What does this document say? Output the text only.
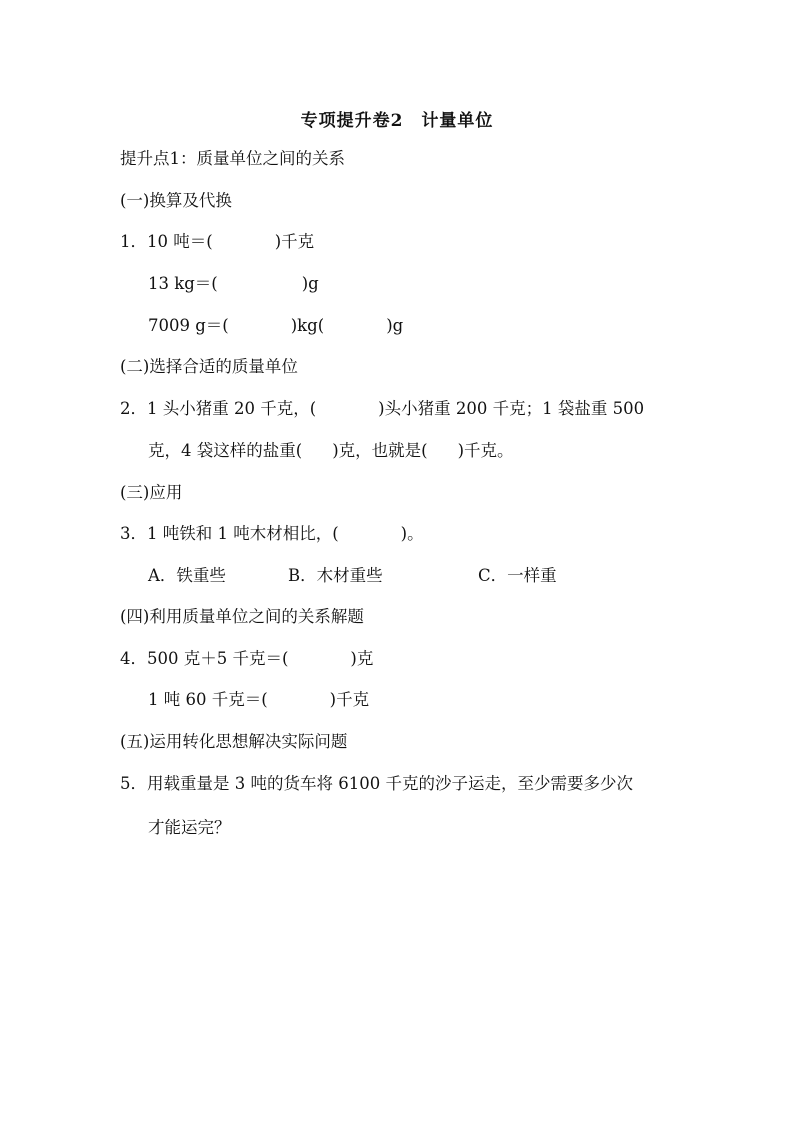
专项提升卷2　计量单位
提升点1：质量单位之间的关系
(一)换算及代换
1．10 吨＝(	)千克
13 kg＝(	)g
7009 g＝(	)kg(	)g
(二)选择合适的质量单位
2．1 头小猪重 20 千克，(	)头小猪重 200 千克；1 袋盐重 500
克，4 袋这样的盐重( )克，也就是( )千克。
(三)应用
3．1 吨铁和 1 吨木材相比，(	)。
A．铁重些	B．木材重些	C．一样重
(四)利用质量单位之间的关系解题
4．500 克＋5 千克＝(	)克
1 吨 60 千克＝(	)千克
(五)运用转化思想解决实际问题
5．用载重量是 3 吨的货车将 6100 千克的沙子运走，至少需要多少次
才能运完？
